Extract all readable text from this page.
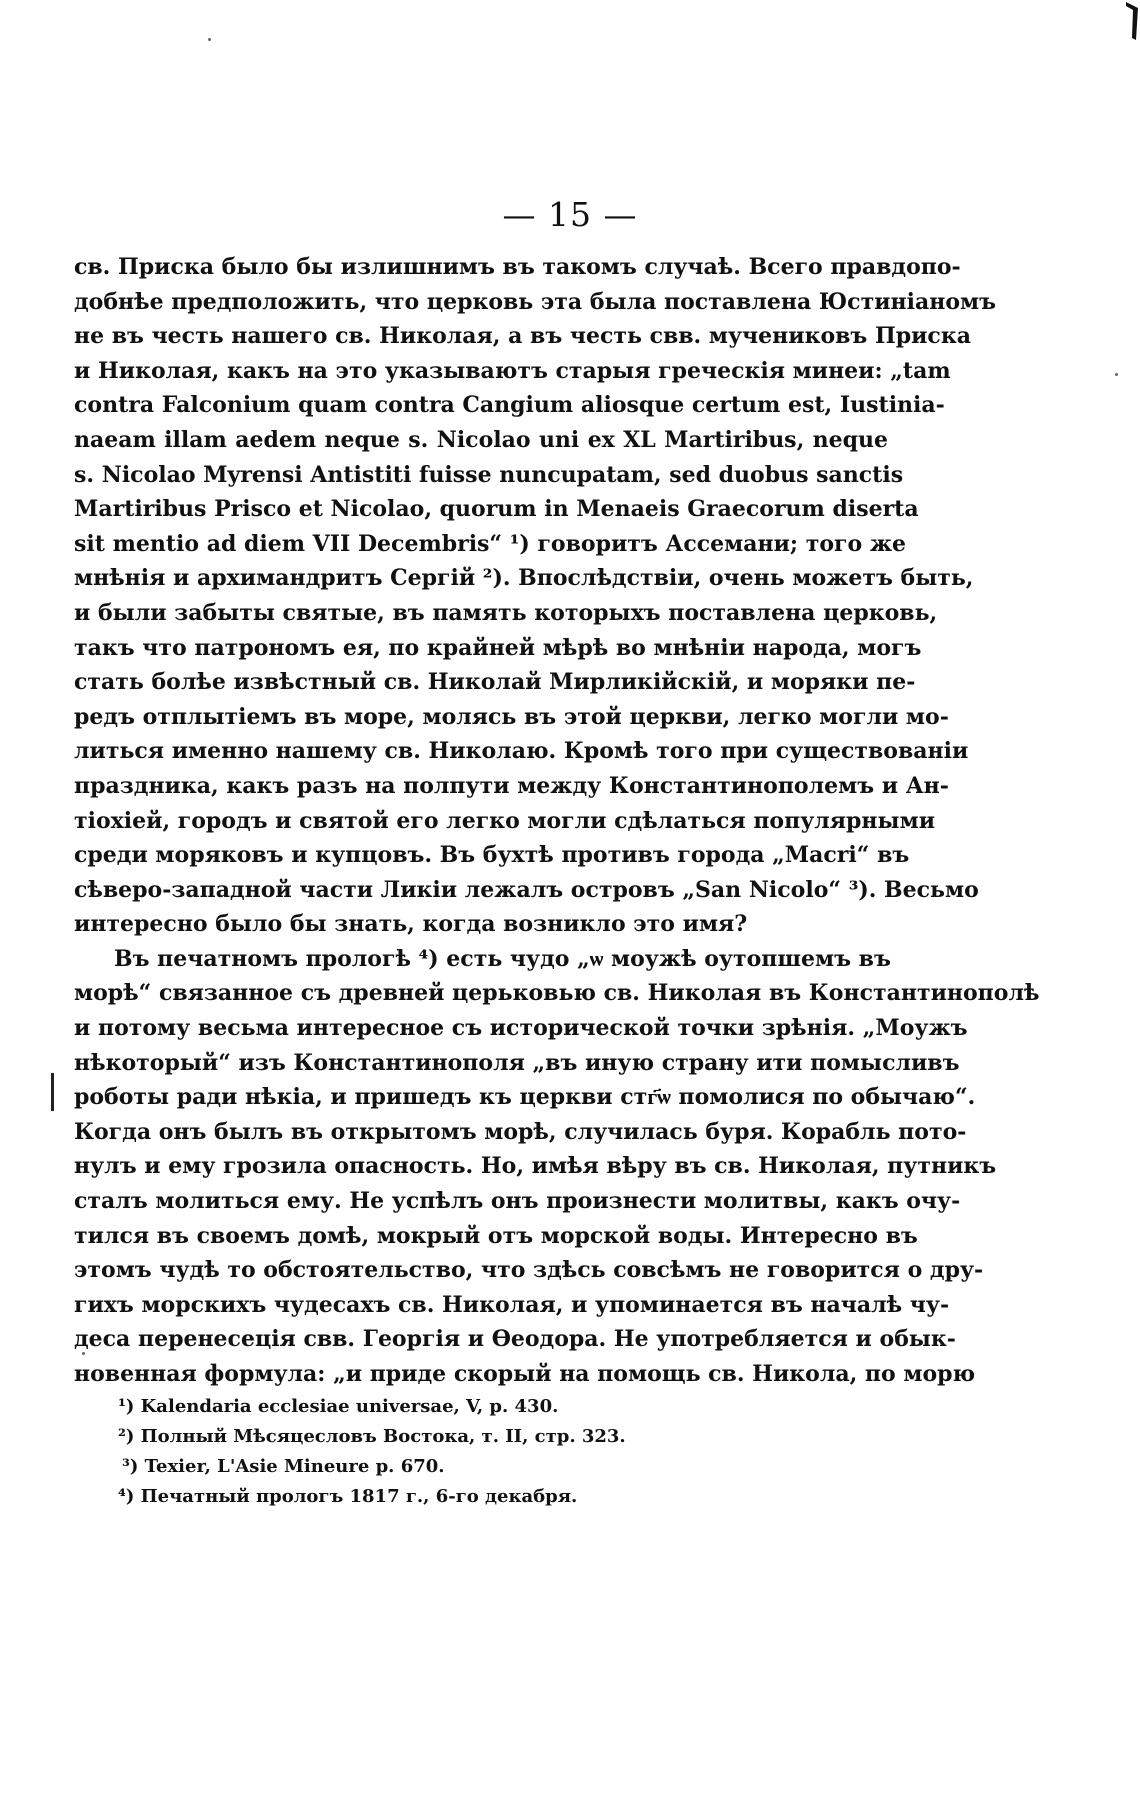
— 15 —
св. Приска было бы излишнимъ въ такомъ случаѣ. Всего правдопо-
добнѣе предположить, что церковь эта была поставлена Юстиніаномъ
не въ честь нашего св. Николая, а въ честь свв. мучениковъ Приска
и Николая, какъ на это указываютъ старыя греческія минеи: „tam
contra Falconium quam contra Cangium aliosque certum est, Iustinia-
naeam illam aedem neque s. Nicolao uni ex XL Martiribus, neque
s. Nicolao Myrensi Antistiti fuisse nuncupatam, sed duobus sanctis
Martiribus Prisco et Nicolao, quorum in Menaeis Graecorum diserta
sit mentio ad diem VII Decembris“ ¹) говоритъ Ассемани; того же
мнѣнія и архимандритъ Сергій ²). Впослѣдствіи, очень можетъ быть,
и были забыты святые, въ память которыхъ поставлена церковь,
такъ что патрономъ ея, по крайней мѣрѣ во мнѣніи народа, могъ
стать болѣе извѣстный св. Николай Мирликійскій, и моряки пе-
редъ отплытіемъ въ море, молясь въ этой церкви, легко могли мо-
литься именно нашему св. Николаю. Кромѣ того при существованіи
праздника, какъ разъ на полпути между Константинополемъ и Ан-
тіохіей, городъ и святой его легко могли сдѣлаться популярными
среди моряковъ и купцовъ. Въ бухтѣ противъ города „Macri“ въ
сѣверо-западной части Ликіи лежалъ островъ „San Nicolo“ ³). Весьмо
интересно было бы знать, когда возникло это имя?
Въ печатномъ прологѣ ⁴) есть чудо „ѡ моужѣ оутопшемъ въ
морѣ“ связанное съ древней церьковью св. Николая въ Константинополѣ
и потому весьма интересное съ исторической точки зрѣнія. „Моужъ
нѣкоторый“ изъ Константинополя „въ иную страну ити помысливъ
роботы ради нѣкіа, и пришедъ къ церкви стг҃ѡ помолися по обычаю“.
Когда онъ былъ въ открытомъ морѣ, случилась буря. Корабль пото-
нулъ и ему грозила опасность. Но, имѣя вѣру въ св. Николая, путникъ
сталъ молиться ему. Не успѣлъ онъ произнести молитвы, какъ очу-
тился въ своемъ домѣ, мокрый отъ морской воды. Интересно въ
этомъ чудѣ то обстоятельство, что здѣсь совсѣмъ не говорится о дру-
гихъ морскихъ чудесахъ св. Николая, и упоминается въ началѣ чу-
деса перенесеція свв. Георгія и Ѳеодора. Не употребляется и обык-
новенная формула: „и приде скорый на помощь св. Никола, по морю
¹) Kalendaria ecclesiae universae, V, p. 430.
²) Полный Мѣсяцесловъ Востока, т. II, стр. 323.
³) Texier, L'Asie Mineure p. 670.
⁴) Печатный прологъ 1817 г., 6-го декабря.
